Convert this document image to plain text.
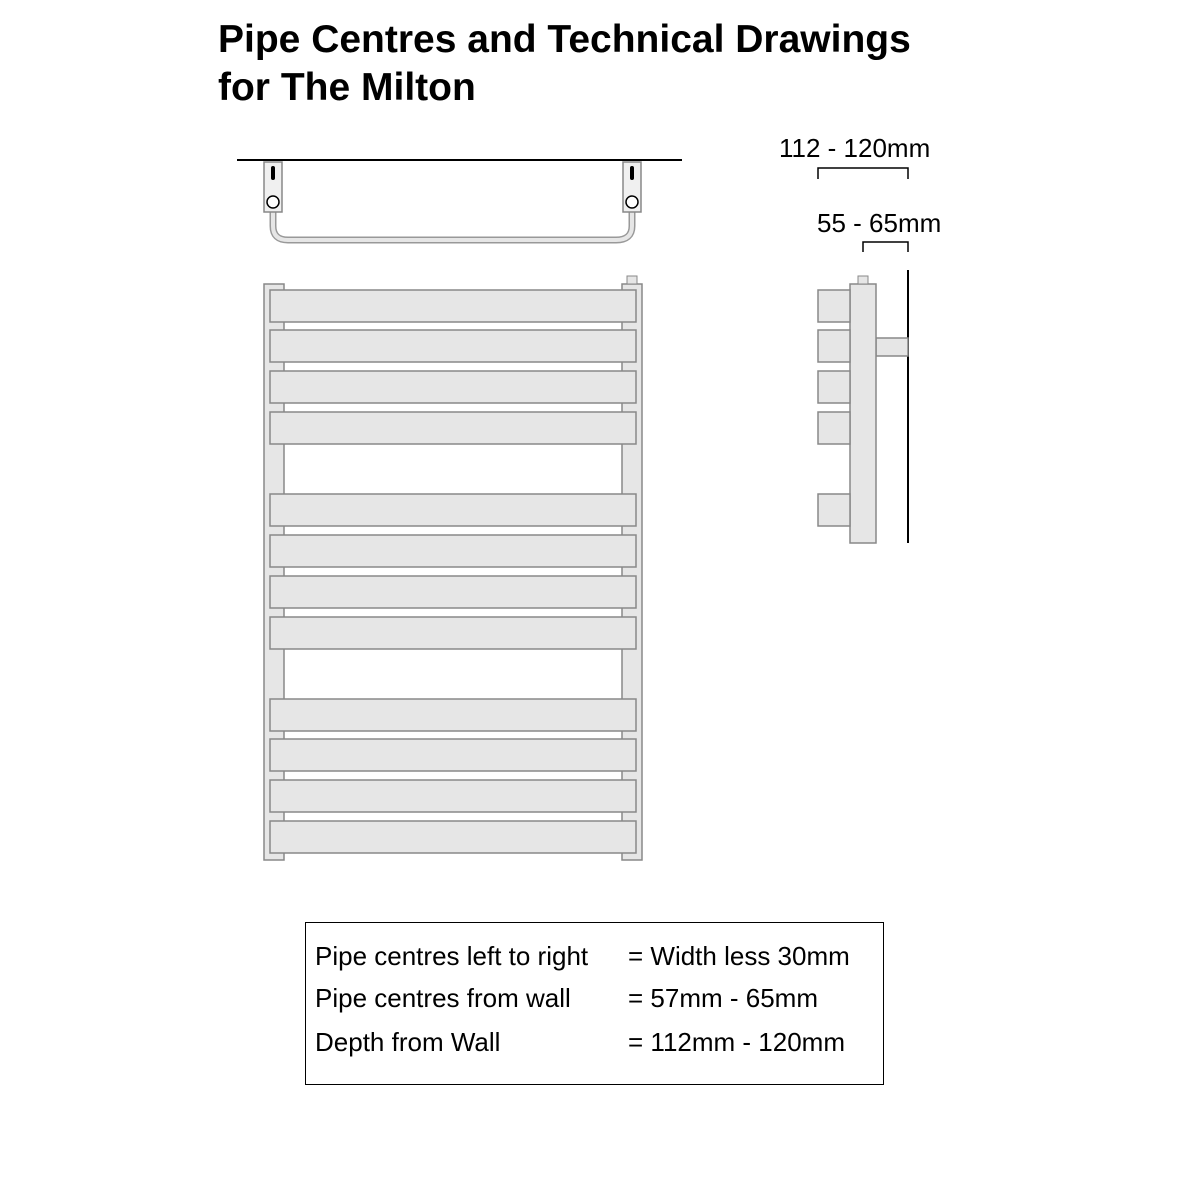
Pipe Centres and Technical Drawings
for The Milton
112 - 120mm
55 - 65mm
Pipe centres left to right = Width less 30mm
Pipe centres from wall = 57mm - 65mm
Depth from Wall	= 112mm - 120mm
